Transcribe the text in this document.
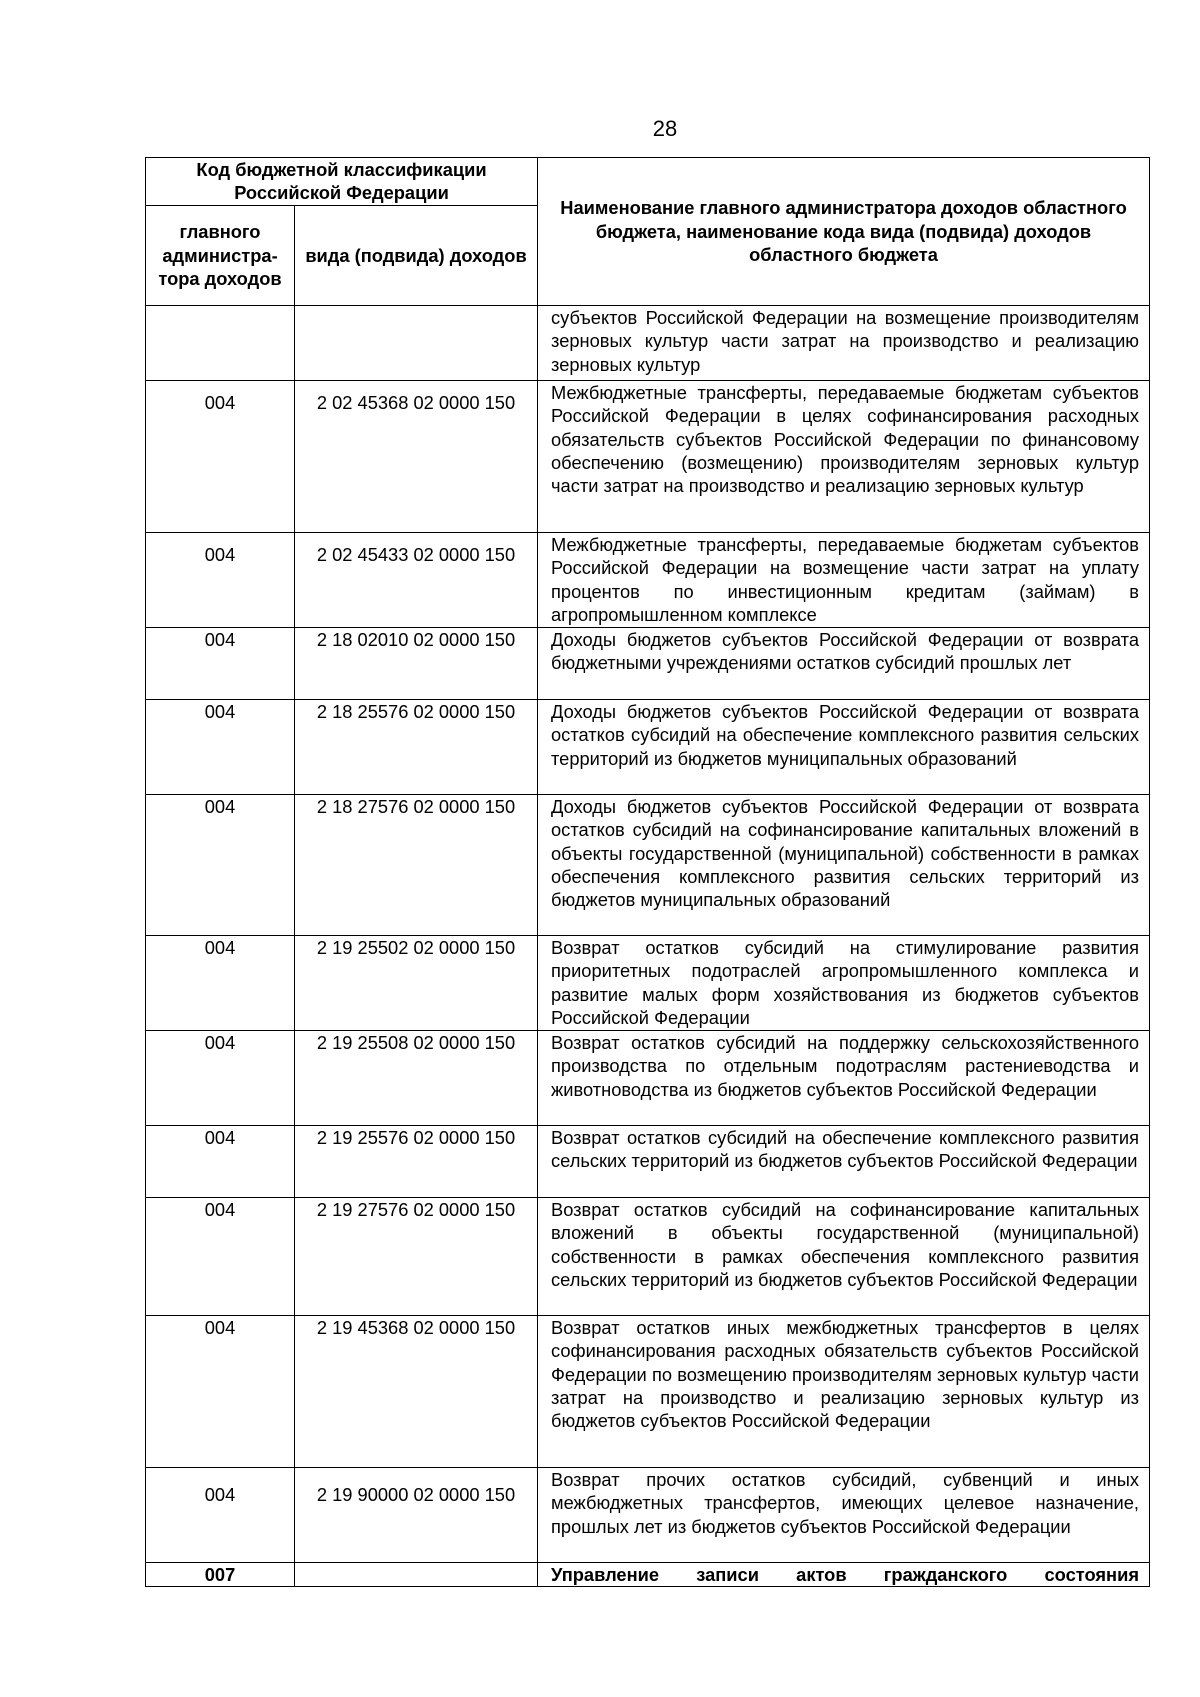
28
Код бюджетной классификации Российской Федерации		Наименование главного администратора доходов областного бюджета, наименование кода вида (подвида) доходов областного бюджета
главного администра-тора доходов	вида (подвида) доходов	
		субъектов Российской Федерации на возмещение производителям зерновых культур части затрат на производство и реализацию зерновых культур
004	2 02 45368 02 0000 150	Межбюджетные трансферты, передаваемые бюджетам субъектов Российской Федерации в целях софинансирования расходных обязательств субъектов Российской Федерации по финансовому обеспечению (возмещению) производителям зерновых культур части затрат на производство и реализацию зерновых культур
004	2 02 45433 02 0000 150	Межбюджетные трансферты, передаваемые бюджетам субъектов Российской Федерации на возмещение части затрат на уплату процентов по инвестиционным кредитам (займам) в агропромышленном комплексе
004	2 18 02010 02 0000 150	Доходы бюджетов субъектов Российской Федерации от возврата бюджетными учреждениями остатков субсидий прошлых лет
004	2 18 25576 02 0000 150	Доходы бюджетов субъектов Российской Федерации от возврата остатков субсидий на обеспечение комплексного развития сельских территорий из бюджетов муниципальных образований
004	2 18 27576 02 0000 150	Доходы бюджетов субъектов Российской Федерации от возврата остатков субсидий на софинансирование капитальных вложений в объекты государственной (муниципальной) собственности в рамках обеспечения комплексного развития сельских территорий из бюджетов муниципальных образований
004	2 19 25502 02 0000 150	Возврат остатков субсидий на стимулирование развития приоритетных подотраслей агропромышленного комплекса и развитие малых форм хозяйствования из бюджетов субъектов Российской Федерации
004	2 19 25508 02 0000 150	Возврат остатков субсидий на поддержку сельскохозяйственного производства по отдельным подотраслям растениеводства и животноводства из бюджетов субъектов Российской Федерации
004	2 19 25576 02 0000 150	Возврат остатков субсидий на обеспечение комплексного развития сельских территорий из бюджетов субъектов Российской Федерации
004	2 19 27576 02 0000 150	Возврат остатков субсидий на софинансирование капитальных вложений в объекты государственной (муниципальной) собственности в рамках обеспечения комплексного развития сельских территорий из бюджетов субъектов Российской Федерации
004	2 19 45368 02 0000 150	Возврат остатков иных межбюджетных трансфертов в целях софинансирования расходных обязательств субъектов Российской Федерации по возмещению производителям зерновых культур части затрат на производство и реализацию зерновых культур из бюджетов субъектов Российской Федерации
004	2 19 90000 02 0000 150	Возврат прочих остатков субсидий, субвенций и иных межбюджетных трансфертов, имеющих целевое назначение, прошлых лет из бюджетов субъектов Российской Федерации
007		Управление записи актов гражданского состояния
